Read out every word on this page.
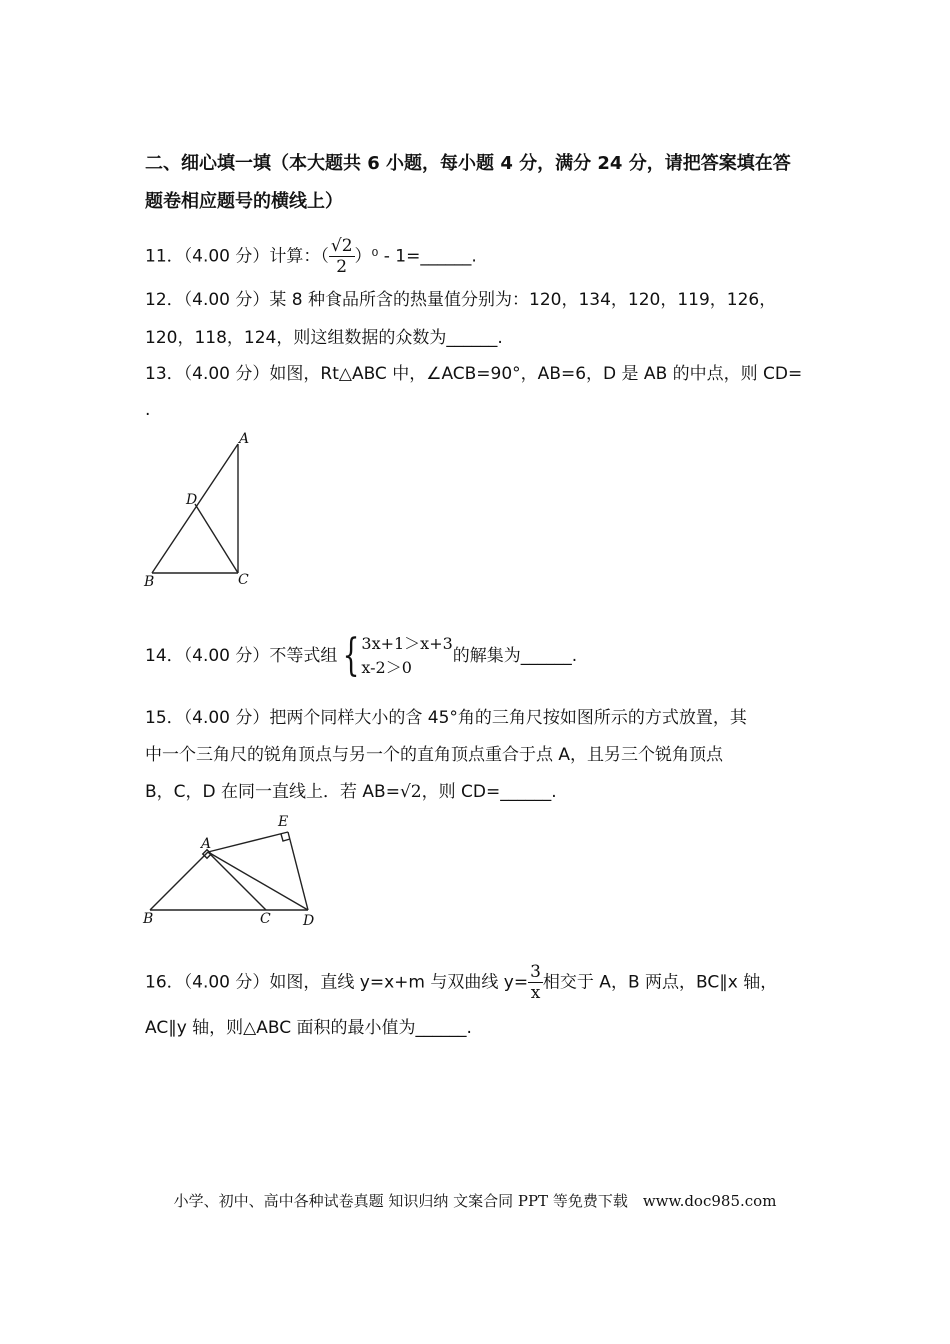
二、细心填一填（本大题共 6 小题，每小题 4 分，满分 24 分，请把答案填在答
题卷相应题号的横线上）
11．（4.00 分）计算：（ $\frac{√2}{2} )^0$ - 1=______.
12．（4.00 分）某 8 种食品所含的热量值分别为：120，134，120，119，126，
120，118，124，则这组数据的众数为______.
13．（4.00 分）如图，Rt△ABC 中，∠ACB=90°，AB=6，D 是 AB 的中点，则 CD=
.
A
B	C
D
14．（4.00 分）不等式组 { 3x+1＞x+3
x-2＞0
的解集为______.
15．（4.00 分）把两个同样大小的含 45°角的三角尺按如图所示的方式放置，其
中一个三角尺的锐角顶点与另一个的直角顶点重合于点 A，且另三个锐角顶点
B，C，D 在同一直线上．若 AB=√2，则 CD=______.
A
B	C D
E
16．（4.00 分）如图，直线 y=x+m 与双曲线 $y= \frac{3}{x}$ 相交于 A，B 两点，BC∥x 轴，
AC∥y 轴，则△ABC 面积的最小值为______.
小学、初中、高中各种试卷真题 知识归纳 文案合同 PPT 等免费下载　www.doc985.com
